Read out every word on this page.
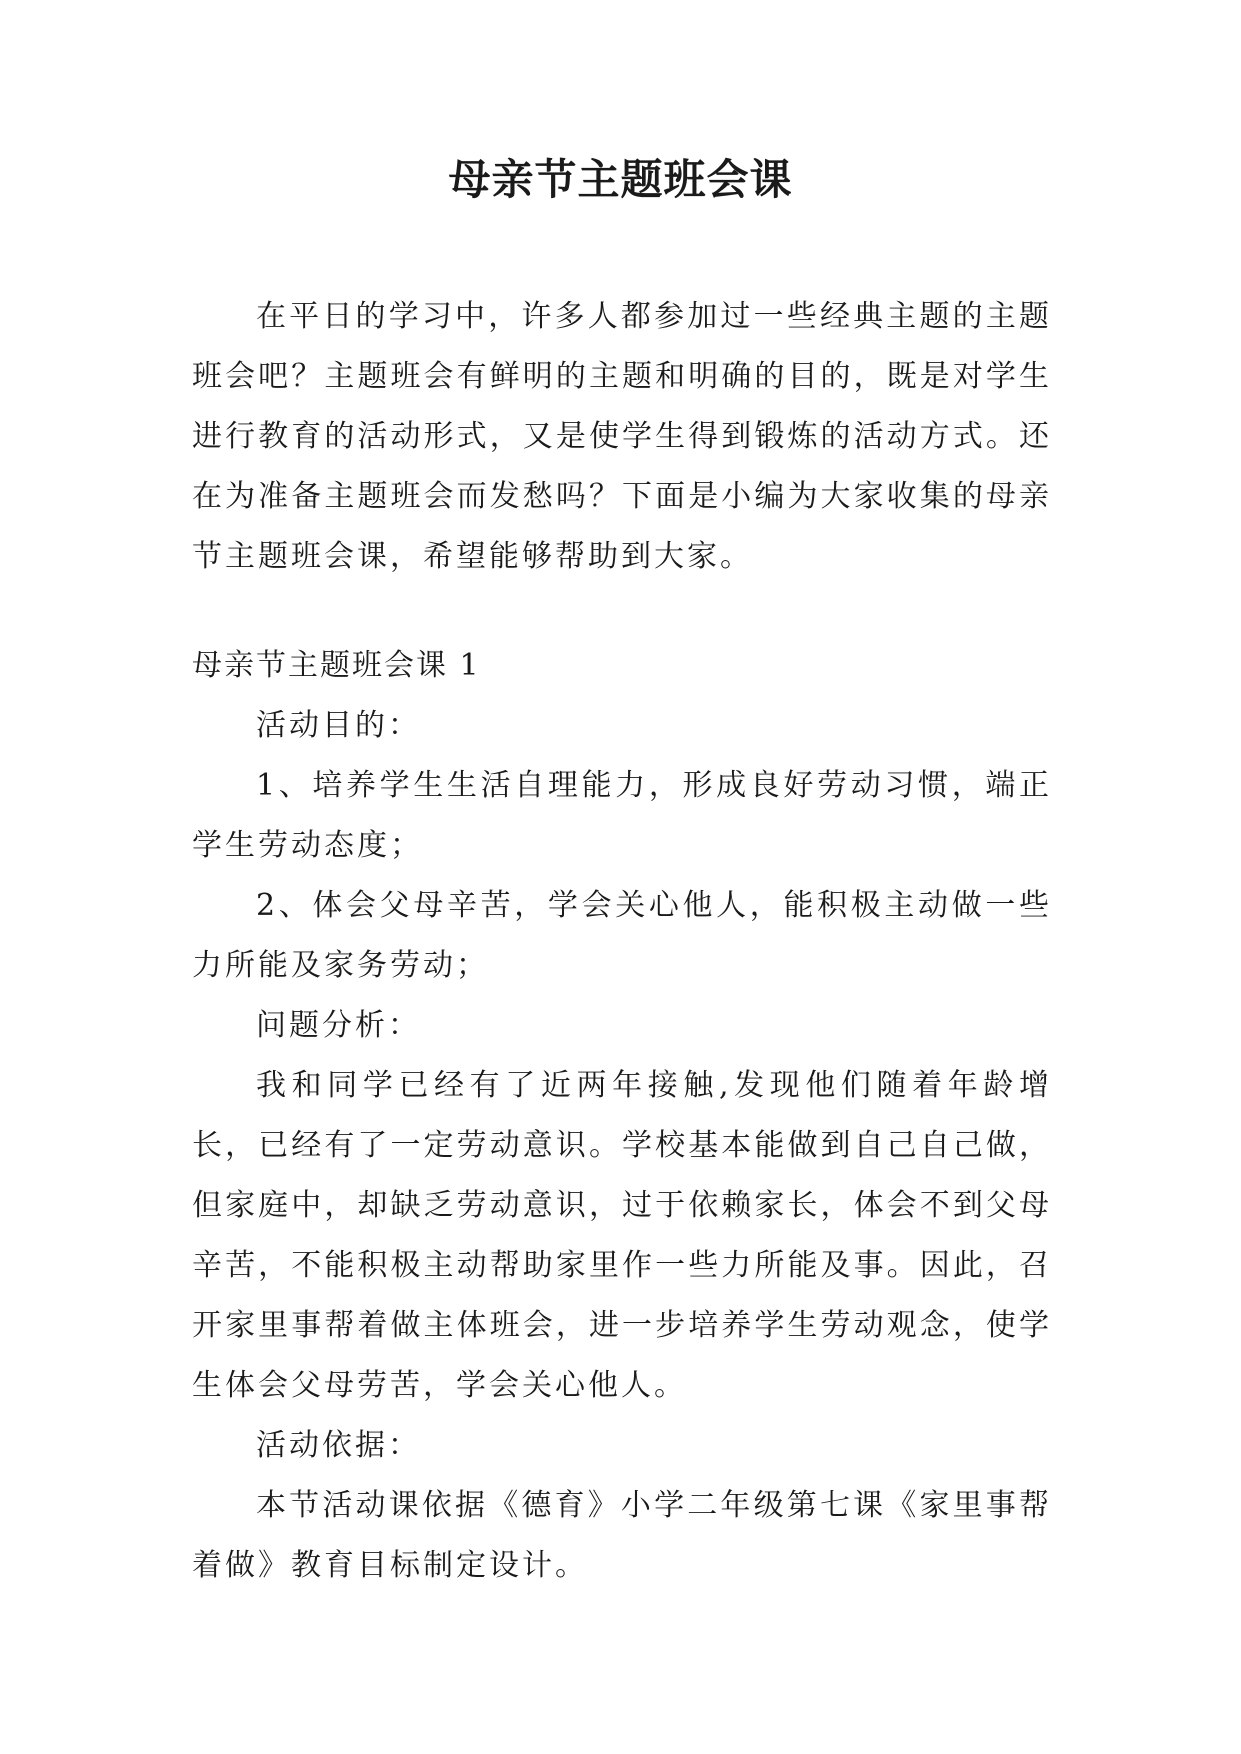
母亲节主题班会课

在平日的学习中，许多人都参加过一些经典主题的主题班会吧？主题班会有鲜明的主题和明确的目的，既是对学生进行教育的活动形式，又是使学生得到锻炼的活动方式。还在为准备主题班会而发愁吗？下面是小编为大家收集的母亲节主题班会课，希望能够帮助到大家。

母亲节主题班会课 1

活动目的：

1、培养学生生活自理能力，形成良好劳动习惯，端正学生劳动态度；

2、体会父母辛苦，学会关心他人，能积极主动做一些力所能及家务劳动；

问题分析：

我和同学已经有了近两年接触,发现他们随着年龄增长，已经有了一定劳动意识。学校基本能做到自己自己做，但家庭中，却缺乏劳动意识，过于依赖家长，体会不到父母辛苦，不能积极主动帮助家里作一些力所能及事。因此，召开家里事帮着做主体班会，进一步培养学生劳动观念，使学生体会父母劳苦，学会关心他人。

活动依据：

本节活动课依据《德育》小学二年级第七课《家里事帮着做》教育目标制定设计。
